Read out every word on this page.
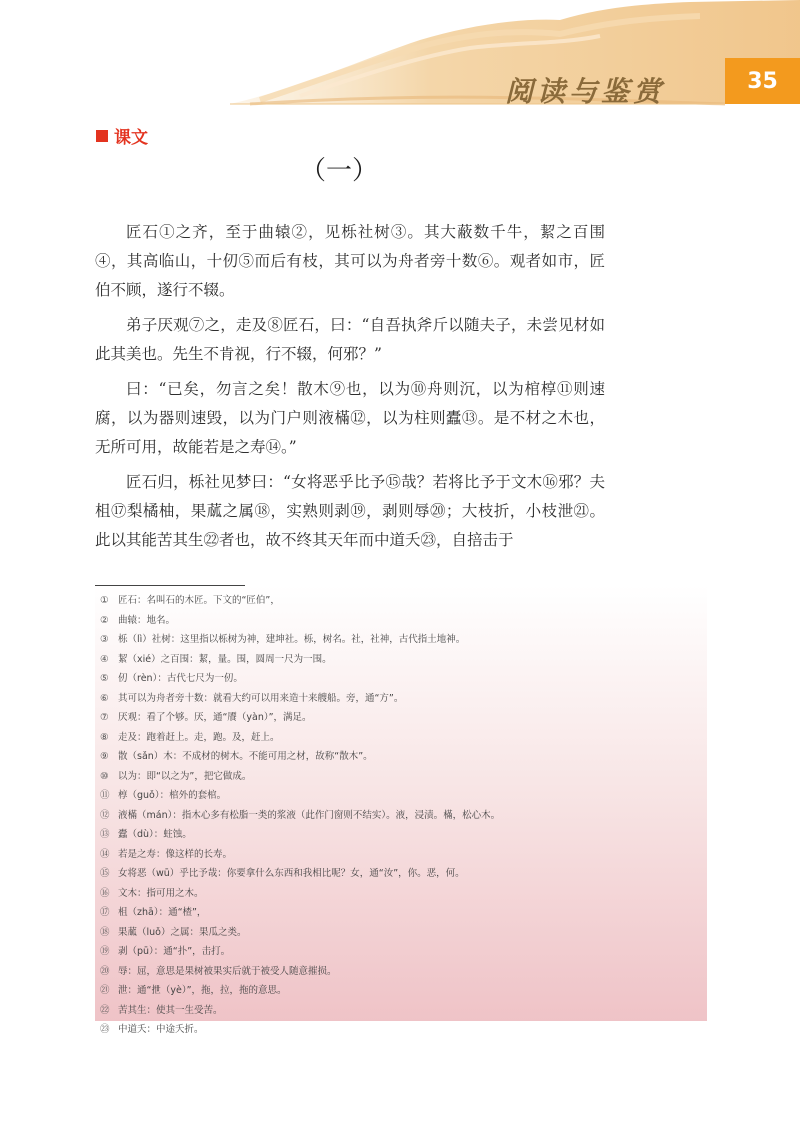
阅读与鉴赏	35
课文
（一）

匠石①之齐，至于曲辕②，见栎社树③。其大蔽数千牛，絜之百围④，其高临山，十仞⑤而后有枝，其可以为舟者旁十数⑥。观者如市，匠伯不顾，遂行不辍。

弟子厌观⑦之，走及⑧匠石，曰：“自吾执斧斤以随夫子，未尝见材如此其美也。先生不肯视，行不辍，何邪？”

曰：“已矣，勿言之矣！散木⑨也，以为⑩舟则沉，以为棺椁⑪则速腐，以为器则速毁，以为门户则液樠⑫，以为柱则蠹⑬。是不材之木也，无所可用，故能若是之寿⑭。”

匠石归，栎社见梦曰：“女将恶乎比予⑮哉？若将比予于文木⑯邪？夫柤⑰梨橘柚，果蓏之属⑱，实熟则剥⑲，剥则辱⑳；大枝折，小枝泄㉑。此以其能苦其生㉒者也，故不终其天年而中道夭㉓，自掊击于

① 匠石：名叫石的木匠。下文的“匠伯”，
② 曲辕：地名。
③ 栎（lì）社树：这里指以栎树为神，建坤社。栎，树名。社，社神，古代指土地神。
④ 絜（xié）之百围：絜，量。围，圆周一尺为一围。
⑤ 仞（rèn）：古代七尺为一仞。
⑥ 其可以为舟者旁十数：就看大约可以用来造十来艘船。旁，通“方”。
⑦ 厌观：看了个够。厌，通“餍（yàn）”，满足。
⑧ 走及：跑着赶上。走，跑。及，赶上。
⑨ 散（sǎn）木：不成材的树木。不能可用之材，故称“散木”。
⑩ 以为：即“以之为”，把它做成。
⑪ 椁（guǒ）：棺外的套棺。
⑫ 液樠（mán）：指木心多有松脂一类的浆液（此作门窗则不结实）。液，浸渍。樠，松心木。
⑬ 蠹（dù）：蛀蚀。
⑭ 若是之寿：像这样的长寿。
⑮ 女将恶（wū）乎比予哉：你要拿什么东西和我相比呢？女，通“汝”，你。恶，何。
⑯ 文木：指可用之木。
⑰ 柤（zhā）：通“楂”，
⑱ 果蓏（luǒ）之属：果瓜之类。
⑲ 剥（pū）：通“扑”，击打。
⑳ 辱：屈，意思是果树被果实后就于被受人随意摧损。
㉑ 泄：通“抴（yè）”，拖，拉，拖的意思。
㉒ 苦其生：使其一生受苦。
㉓ 中道夭：中途夭折。
